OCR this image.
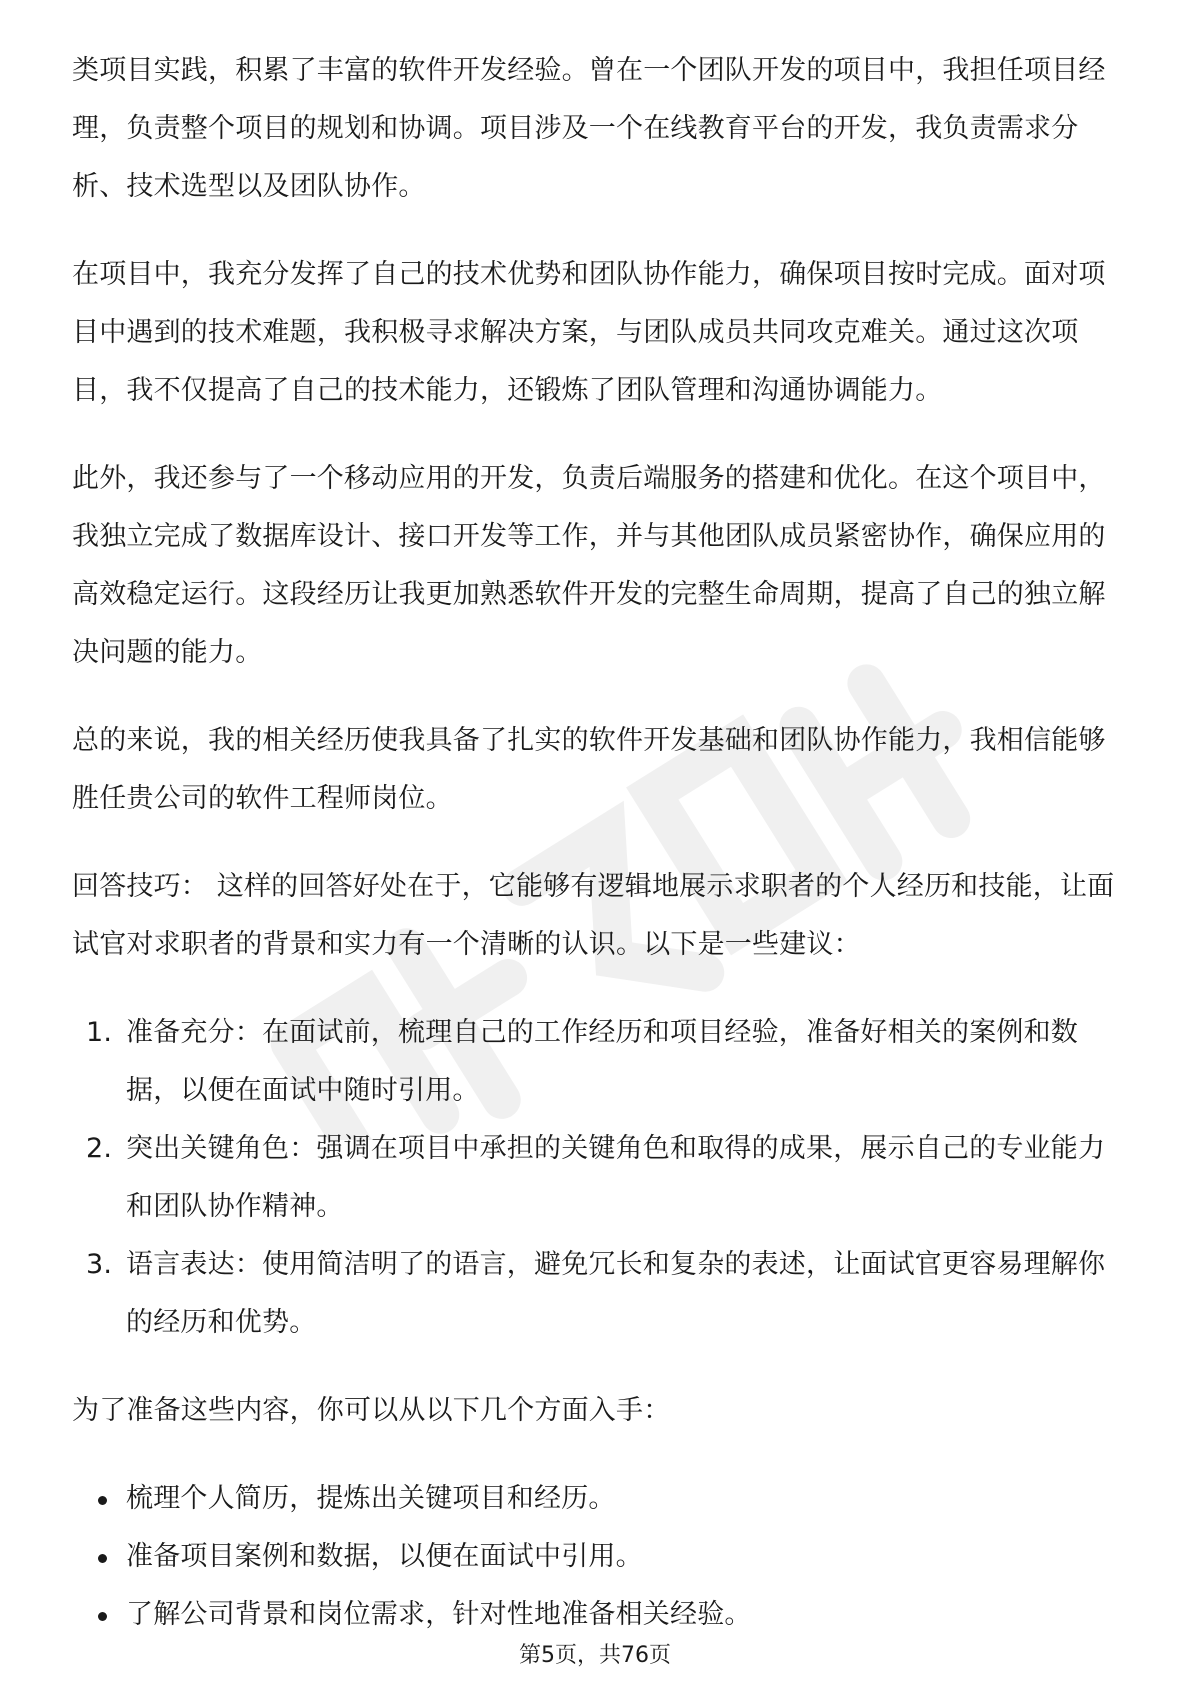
类项目实践，积累了丰富的软件开发经验。曾在一个团队开发的项目中，我担任项目经理，负责整个项目的规划和协调。项目涉及一个在线教育平台的开发，我负责需求分析、技术选型以及团队协作。

在项目中，我充分发挥了自己的技术优势和团队协作能力，确保项目按时完成。面对项目中遇到的技术难题，我积极寻求解决方案，与团队成员共同攻克难关。通过这次项目，我不仅提高了自己的技术能力，还锻炼了团队管理和沟通协调能力。

此外，我还参与了一个移动应用的开发，负责后端服务的搭建和优化。在这个项目中，我独立完成了数据库设计、接口开发等工作，并与其他团队成员紧密协作，确保应用的高效稳定运行。这段经历让我更加熟悉软件开发的完整生命周期，提高了自己的独立解决问题的能力。

总的来说，我的相关经历使我具备了扎实的软件开发基础和团队协作能力，我相信能够胜任贵公司的软件工程师岗位。

回答技巧： 这样的回答好处在于，它能够有逻辑地展示求职者的个人经历和技能，让面试官对求职者的背景和实力有一个清晰的认识。以下是一些建议：

1. 准备充分：在面试前，梳理自己的工作经历和项目经验，准备好相关的案例和数据，以便在面试中随时引用。
2. 突出关键角色：强调在项目中承担的关键角色和取得的成果，展示自己的专业能力和团队协作精神。
3. 语言表达：使用简洁明了的语言，避免冗长和复杂的表述，让面试官更容易理解你的经历和优势。

为了准备这些内容，你可以从以下几个方面入手：

梳理个人简历，提炼出关键项目和经历。
准备项目案例和数据，以便在面试中引用。
了解公司背景和岗位需求，针对性地准备相关经验。
第5页，共76页
